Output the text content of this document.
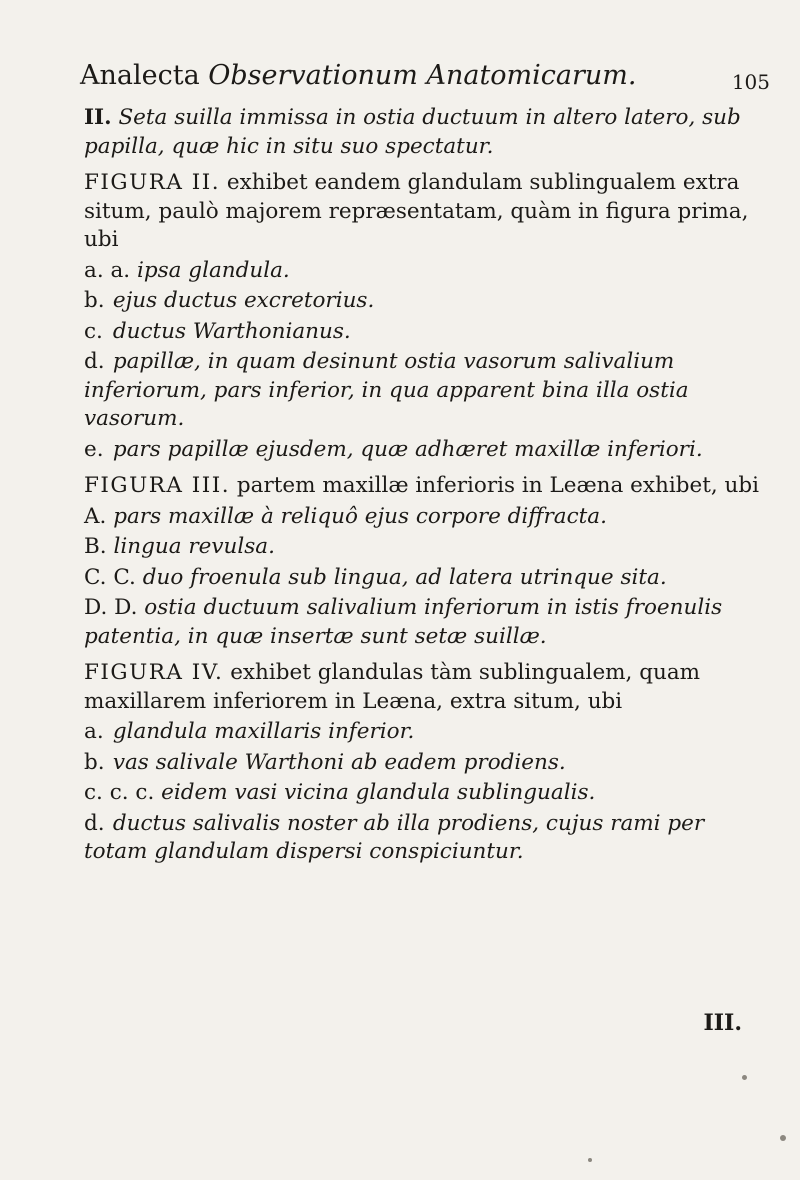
Analecta Observationum Anatomicarum.	105

II. Seta suilla immissa in ostia ductuum in altero latero, sub papilla, quæ hic in situ suo spectatur.

FIGURA II. exhibet eandem glandulam sublingualem extra situm, paulò majorem repræsentatam, quàm in figura prima, ubi

a. a. ipsa glandula.

b. ejus ductus excretorius.

c. ductus Warthonianus.

d. papillæ, in quam desinunt ostia vasorum salivalium inferiorum, pars inferior, in qua apparent bina illa ostia vasorum.

e. pars papillæ ejusdem, quæ adhæret maxillæ inferiori.

FIGURA III. partem maxillæ inferioris in Leæna exhibet, ubi

A. pars maxillæ à reliquô ejus corpore diffracta.

B. lingua revulsa.

C. C. duo froenula sub lingua, ad latera utrinque sita.

D. D. ostia ductuum salivalium inferiorum in istis froenulis patentia, in quæ insertæ sunt setæ suillæ.

FIGURA IV. exhibet glandulas tàm sublingualem, quam maxillarem inferiorem in Leæna, extra situm, ubi

a. glandula maxillaris inferior.

b. vas salivale Warthoni ab eadem prodiens.

c. c. c. eidem vasi vicina glandula sublingualis.

d. ductus salivalis noster ab illa prodiens, cujus rami per totam glandulam dispersi conspiciuntur.

III.
